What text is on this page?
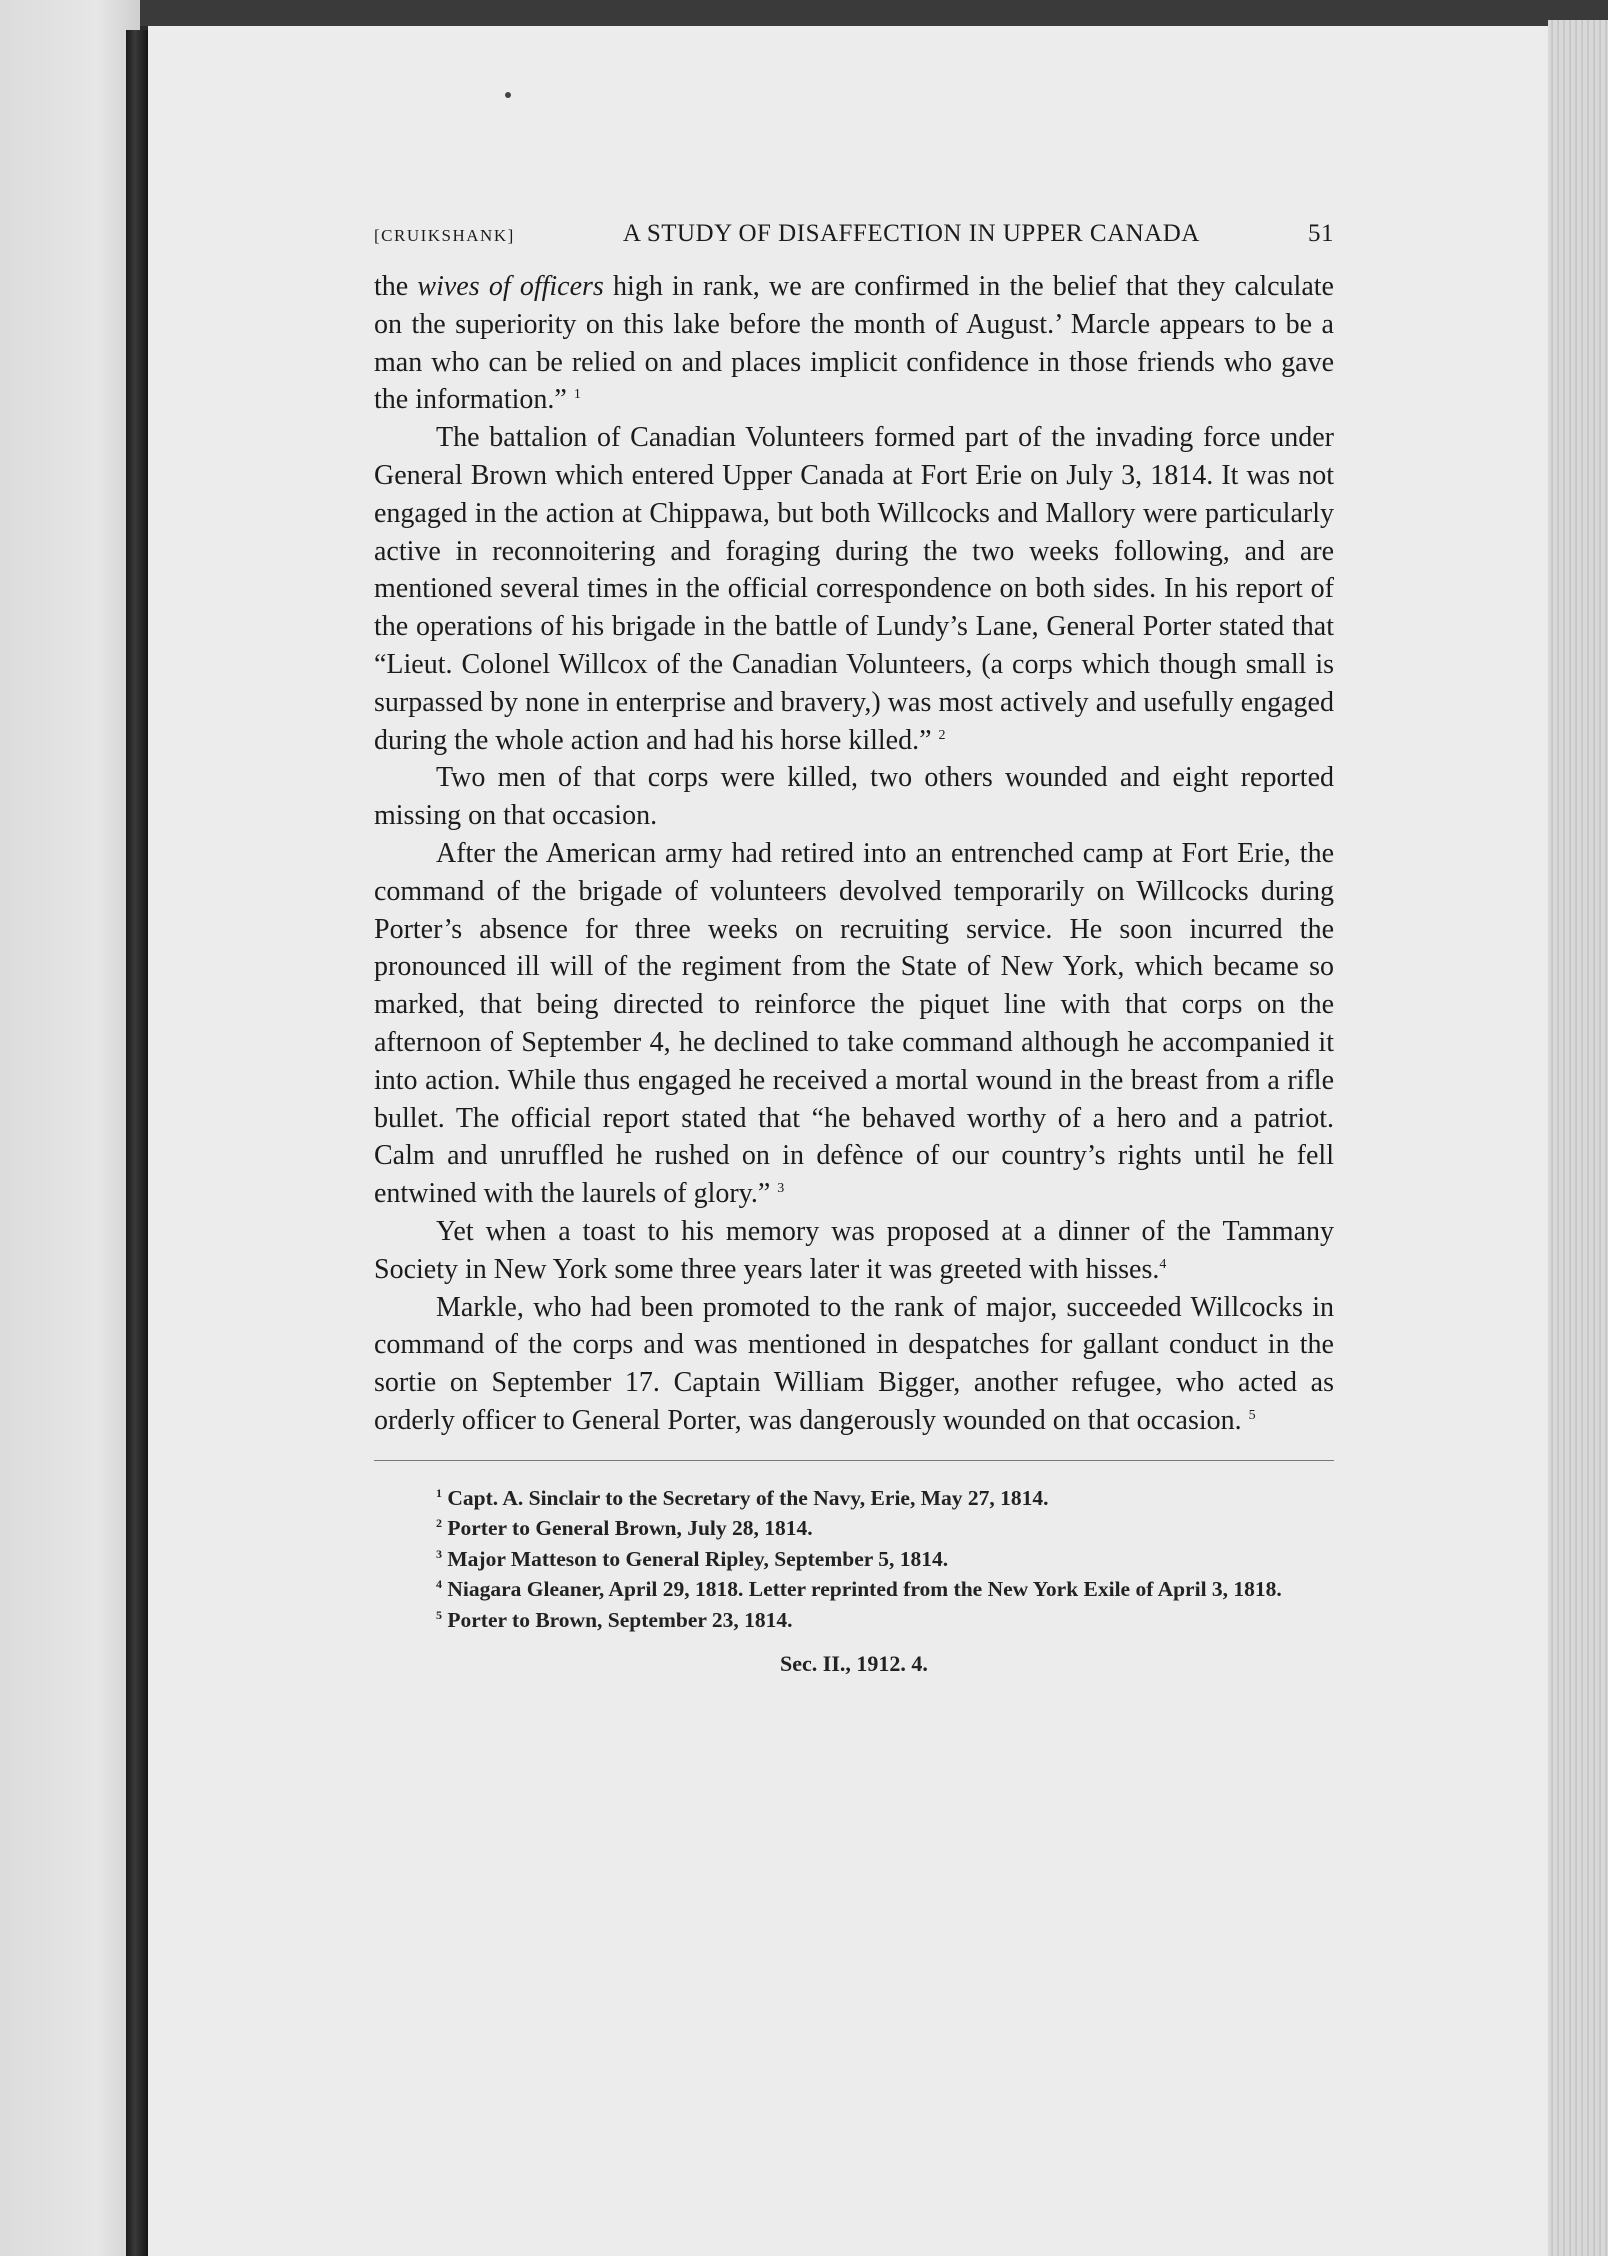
[CRUIKSHANK]	A STUDY OF DISAFFECTION IN UPPER CANADA	51

the wives of officers high in rank, we are confirmed in the belief that they calculate on the superiority on this lake before the month of August.’ Marcle appears to be a man who can be relied on and places implicit confidence in those friends who gave the information.” $^1$

The battalion of Canadian Volunteers formed part of the invading force under General Brown which entered Upper Canada at Fort Erie on July 3, 1814. It was not engaged in the action at Chippawa, but both Willcocks and Mallory were particularly active in reconnoitering and foraging during the two weeks following, and are mentioned several times in the official correspondence on both sides. In his report of the operations of his brigade in the battle of Lundy’s Lane, General Porter stated that “Lieut. Colonel Willcox of the Canadian Volunteers, (a corps which though small is surpassed by none in enterprise and bravery,) was most actively and usefully engaged during the whole action and had his horse killed.” $^2$

Two men of that corps were killed, two others wounded and eight reported missing on that occasion.

After the American army had retired into an entrenched camp at Fort Erie, the command of the brigade of volunteers devolved temporarily on Willcocks during Porter’s absence for three weeks on recruiting service. He soon incurred the pronounced ill will of the regiment from the State of New York, which became so marked, that being directed to reinforce the piquet line with that corps on the afternoon of September 4, he declined to take command although he accompanied it into action. While thus engaged he received a mortal wound in the breast from a rifle bullet. The official report stated that “he behaved worthy of a hero and a patriot. Calm and unruffled he rushed on in defènce of our country’s rights until he fell entwined with the laurels of glory.” $^3$

Yet when a toast to his memory was proposed at a dinner of the Tammany Society in New York some three years later it was greeted with hisses.$^4$

Markle, who had been promoted to the rank of major, succeeded Willcocks in command of the corps and was mentioned in despatches for gallant conduct in the sortie on September 17. Captain William Bigger, another refugee, who acted as orderly officer to General Porter, was dangerously wounded on that occasion. $^5$

$^1$ Capt. A. Sinclair to the Secretary of the Navy, Erie, May 27, 1814.

$^2$ Porter to General Brown, July 28, 1814.

$^3$ Major Matteson to General Ripley, September 5, 1814.

$^4$ Niagara Gleaner, April 29, 1818. Letter reprinted from the New York Exile of April 3, 1818.

$^5$ Porter to Brown, September 23, 1814.

Sec. II., 1912. 4.
